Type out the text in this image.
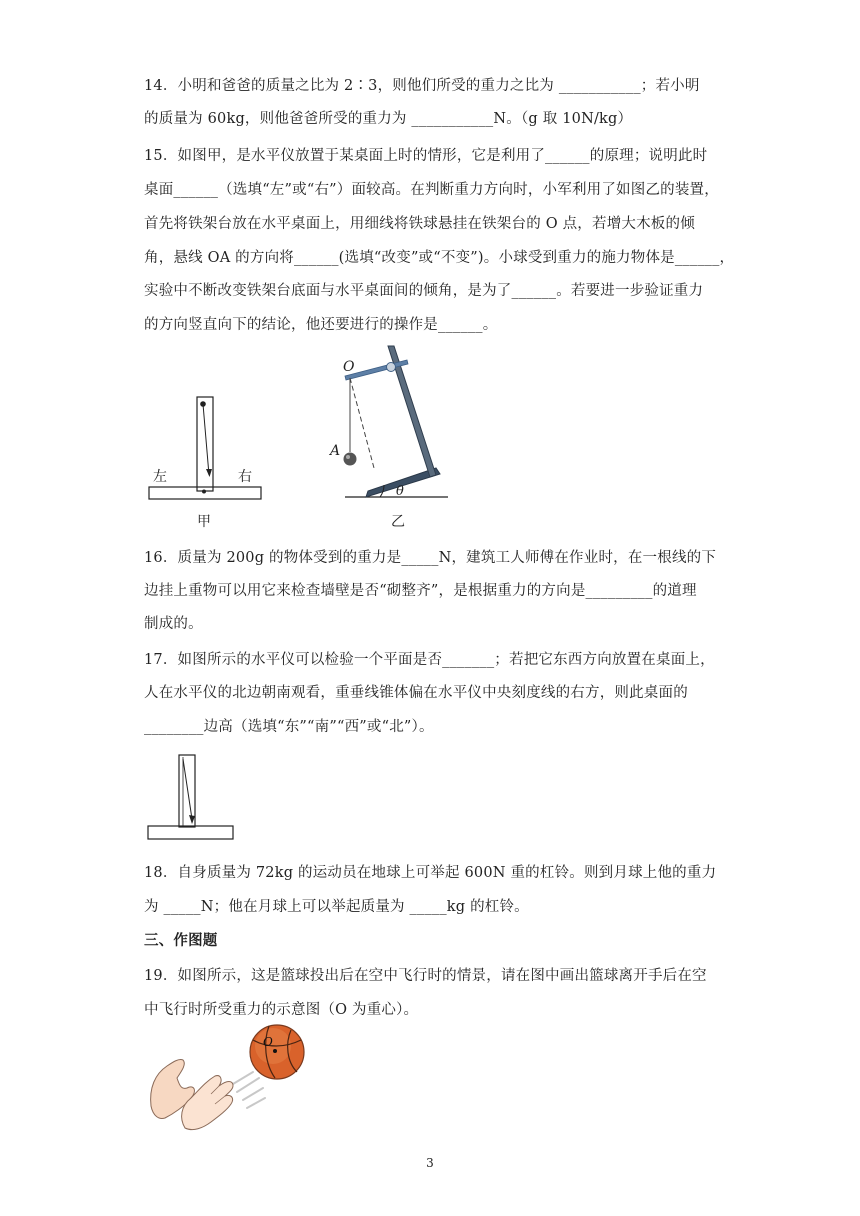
14．小明和爸爸的质量之比为 2∶3，则他们所受的重力之比为 ___________；若小明
的质量为 60kg，则他爸爸所受的重力为 ___________N。（g 取 10N/kg）
15．如图甲，是水平仪放置于某桌面上时的情形，它是利用了______的原理；说明此时
桌面______（选填“左”或“右”）面较高。在判断重力方向时，小军利用了如图乙的装置，
首先将铁架台放在水平桌面上，用细线将铁球悬挂在铁架台的 O 点，若增大木板的倾
角，悬线 OA 的方向将______(选填“改变”或“不变”)。小球受到重力的施力物体是______，
实验中不断改变铁架台底面与水平桌面间的倾角，是为了______。若要进一步验证重力
的方向竖直向下的结论，他还要进行的操作是______。
左	右
甲
O
A
θ
乙
16．质量为 200g 的物体受到的重力是_____N，建筑工人师傅在作业时，在一根线的下
边挂上重物可以用它来检查墙壁是否“砌整齐”，是根据重力的方向是_________的道理
制成的。
17．如图所示的水平仪可以检验一个平面是否_______；若把它东西方向放置在桌面上，
人在水平仪的北边朝南观看，重垂线锥体偏在水平仪中央刻度线的右方，则此桌面的
________边高（选填“东”“南”“西”或“北”）。
18．自身质量为 72kg 的运动员在地球上可举起 600N 重的杠铃。则到月球上他的重力
为 _____N；他在月球上可以举起质量为 _____kg 的杠铃。
三、作图题
19．如图所示，这是篮球投出后在空中飞行时的情景，请在图中画出篮球离开手后在空
中飞行时所受重力的示意图（O 为重心）。
O
3
